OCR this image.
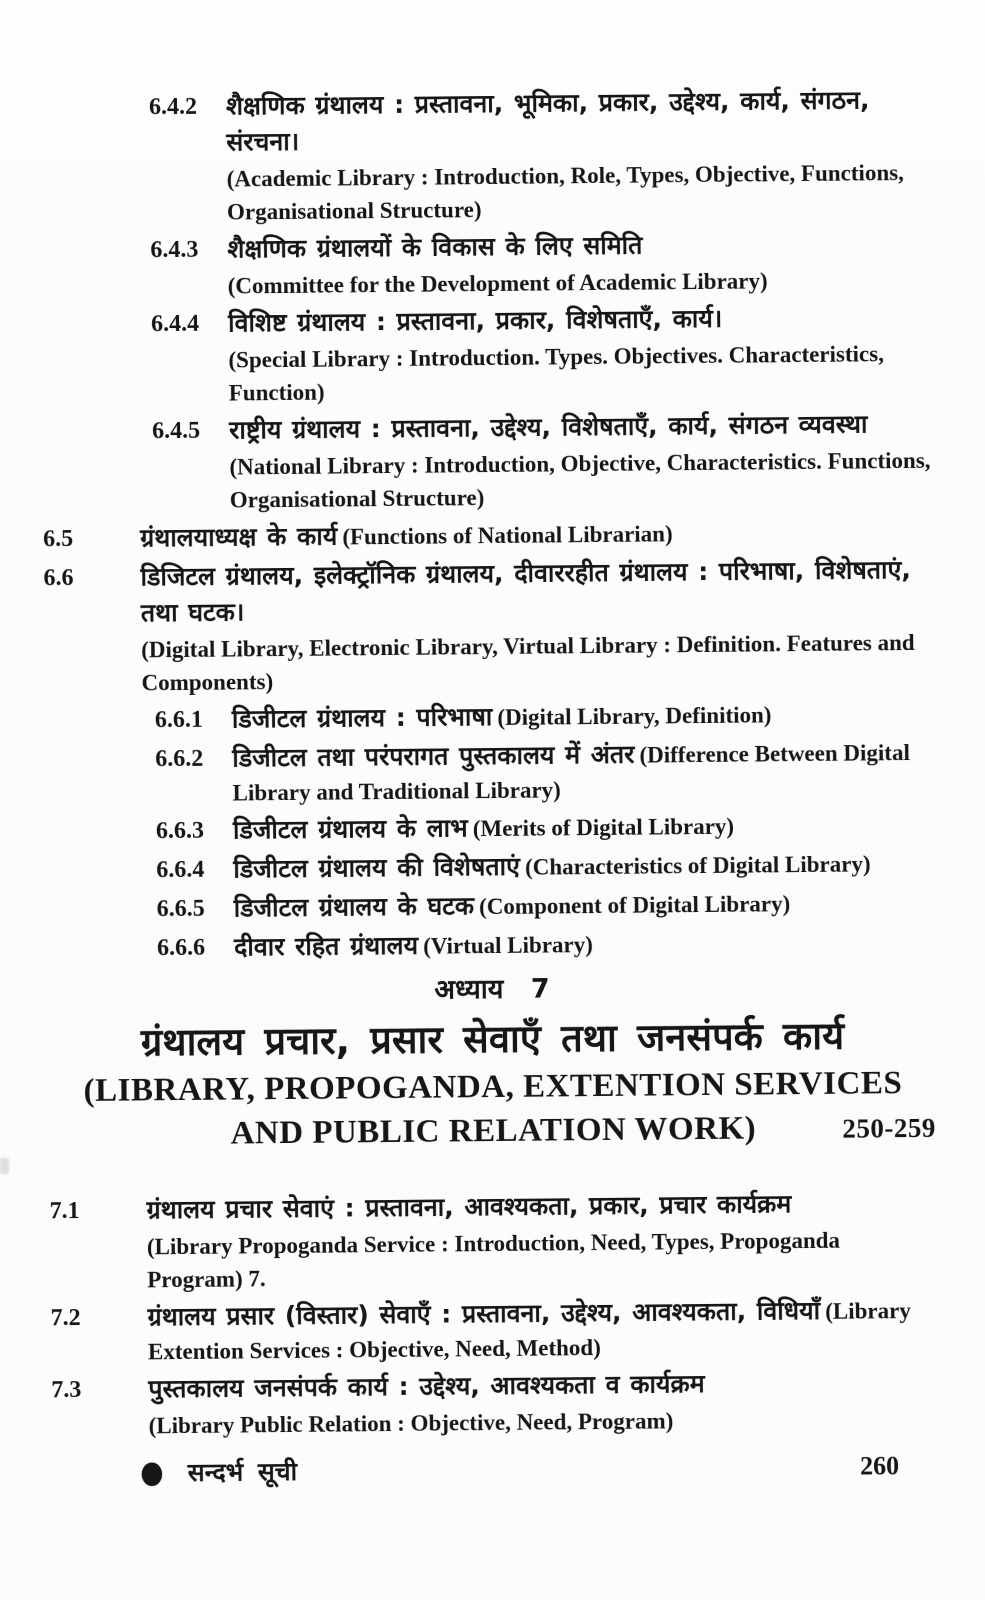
6.4.2	शैक्षणिक ग्रंथालय : प्रस्तावना, भूमिका, प्रकार, उद्देश्य, कार्य, संगठन, संरचना।
(Academic Library : Introduction, Role, Types, Objective, Functions, Organisational Structure)
6.4.3	शैक्षणिक ग्रंथालयों के विकास के लिए समिति
(Committee for the Development of Academic Library)
6.4.4	विशिष्ट ग्रंथालय : प्रस्तावना, प्रकार, विशेषताएँ, कार्य।
(Special Library : Introduction. Types. Objectives. Characteristics, Function)
6.4.5	राष्ट्रीय ग्रंथालय : प्रस्तावना, उद्देश्य, विशेषताएँ, कार्य, संगठन व्यवस्था
(National Library : Introduction, Objective, Characteristics. Functions, Organisational Structure)
6.5	ग्रंथालयाध्यक्ष के कार्य (Functions of National Librarian)
6.6	डिजिटल ग्रंथालय, इलेक्ट्रॉनिक ग्रंथालय, दीवाररहीत ग्रंथालय : परिभाषा, विशेषताएं, तथा घटक।
(Digital Library, Electronic Library, Virtual Library : Definition. Features and Components)
6.6.1	डिजीटल ग्रंथालय : परिभाषा (Digital Library, Definition)
6.6.2	डिजीटल तथा परंपरागत पुस्तकालय में अंतर (Difference Between Digital Library and Traditional Library)
6.6.3	डिजीटल ग्रंथालय के लाभ (Merits of Digital Library)
6.6.4	डिजीटल ग्रंथालय की विशेषताएं (Characteristics of Digital Library)
6.6.5	डिजीटल ग्रंथालय के घटक (Component of Digital Library)
6.6.6	दीवार रहित ग्रंथालय (Virtual Library)
अध्याय 7
ग्रंथालय प्रचार, प्रसार सेवाएँ तथा जनसंपर्क कार्य
(LIBRARY, PROPOGANDA, EXTENTION SERVICES
AND PUBLIC RELATION WORK)	250-259
7.1	ग्रंथालय प्रचार सेवाएं : प्रस्तावना, आवश्यकता, प्रकार, प्रचार कार्यक्रम
(Library Propoganda Service : Introduction, Need, Types, Propoganda Program) 7.
7.2	ग्रंथालय प्रसार (विस्तार) सेवाएँ : प्रस्तावना, उद्देश्य, आवश्यकता, विधियाँ (Library Extention Services : Objective, Need, Method)
7.3	पुस्तकालय जनसंपर्क कार्य : उद्देश्य, आवश्यकता व कार्यक्रम
(Library Public Relation : Objective, Need, Program)
● सन्दर्भ सूची	260
